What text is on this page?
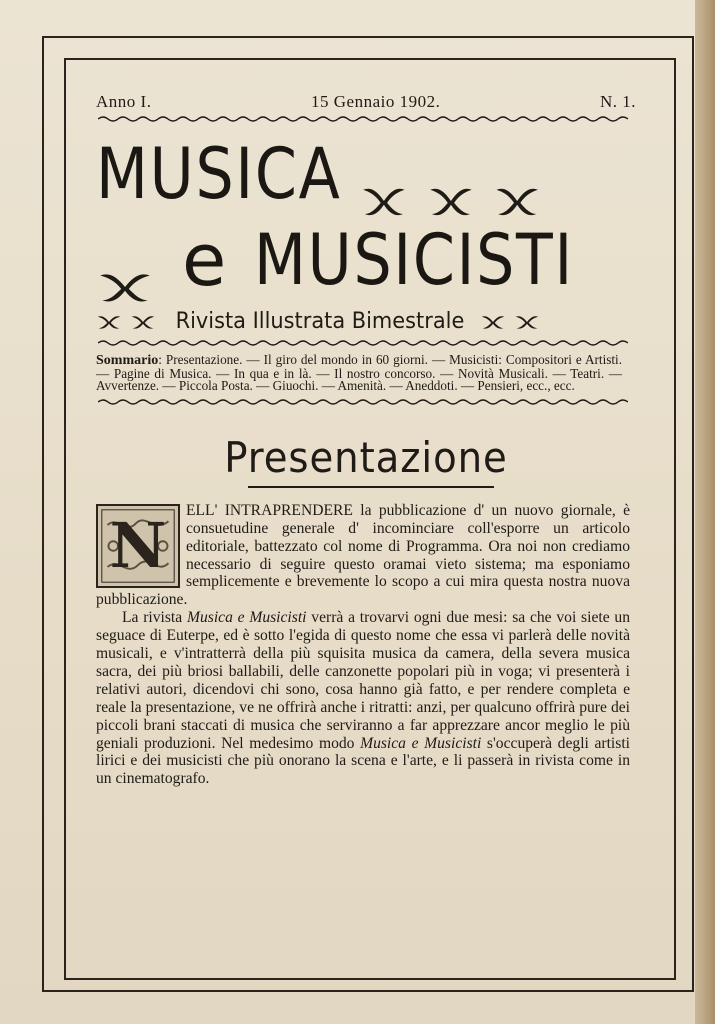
Anno I.	15 Gennaio 1902.	N. 1.
MUSICA
e MUSICISTI
Rivista Illustrata Bimestrale
Sommario: Presentazione. — Il giro del mondo in 60 giorni. — Musicisti: Compositori e Artisti. — Pagine di Musica. — In qua e in là. — Il nostro concorso. — Novità Musicali. — Teatri. — Avvertenze. — Piccola Posta. — Giuochi. — Amenità. — Aneddoti. — Pensieri, ecc., ecc.
Presentazione

N ELL' INTRAPRENDERE la pubblicazione d' un nuovo giornale, è consuetudine generale d' incominciare coll'esporre un articolo editoriale, battezzato col nome di Programma. Ora noi non crediamo necessario di seguire questo oramai vieto sistema; ma esponiamo semplicemente e brevemente lo scopo a cui mira questa nostra nuova pubblicazione.

La rivista Musica e Musicisti verrà a trovarvi ogni due mesi: sa che voi siete un seguace di Euterpe, ed è sotto l'egida di questo nome che essa vi parlerà delle novità musicali, e v'intratterrà della più squisita musica da camera, della severa musica sacra, dei più briosi ballabili, delle canzonette popolari più in voga; vi presenterà i relativi autori, dicendovi chi sono, cosa hanno già fatto, e per rendere completa e reale la presentazione, ve ne offrirà anche i ritratti: anzi, per qualcuno offrirà pure dei piccoli brani staccati di musica che serviranno a far apprezzare ancor meglio le più geniali produzioni. Nel medesimo modo Musica e Musicisti s'occuperà degli artisti lirici e dei musicisti che più onorano la scena e l'arte, e li passerà in rivista come in un cinematografo.
